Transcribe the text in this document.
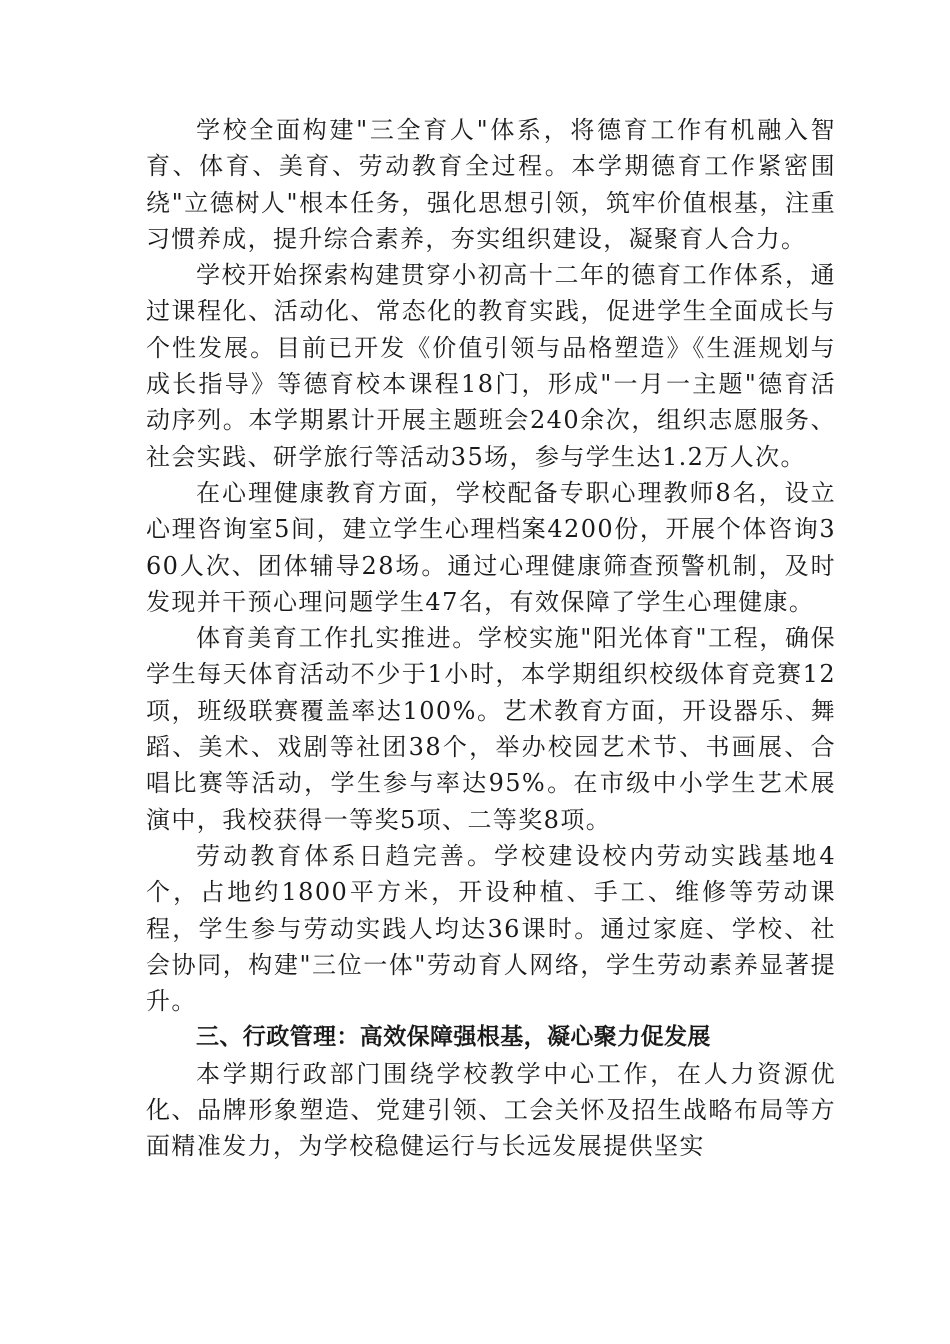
学校全面构建"三全育人"体系，将德育工作有机融入智育、体育、美育、劳动教育全过程。本学期德育工作紧密围绕"立德树人"根本任务，强化思想引领，筑牢价值根基，注重习惯养成，提升综合素养，夯实组织建设，凝聚育人合力。

学校开始探索构建贯穿小初高十二年的德育工作体系，通过课程化、活动化、常态化的教育实践，促进学生全面成长与个性发展。目前已开发《价值引领与品格塑造》《生涯规划与成长指导》等德育校本课程18门，形成"一月一主题"德育活动序列。本学期累计开展主题班会240余次，组织志愿服务、社会实践、研学旅行等活动35场，参与学生达1.2万人次。

在心理健康教育方面，学校配备专职心理教师8名，设立心理咨询室5间，建立学生心理档案4200份，开展个体咨询360人次、团体辅导28场。通过心理健康筛查预警机制，及时发现并干预心理问题学生47名，有效保障了学生心理健康。

体育美育工作扎实推进。学校实施"阳光体育"工程，确保学生每天体育活动不少于1小时，本学期组织校级体育竞赛12项，班级联赛覆盖率达100%。艺术教育方面，开设器乐、舞蹈、美术、戏剧等社团38个，举办校园艺术节、书画展、合唱比赛等活动，学生参与率达95%。在市级中小学生艺术展演中，我校获得一等奖5项、二等奖8项。

劳动教育体系日趋完善。学校建设校内劳动实践基地4个，占地约1800平方米，开设种植、手工、维修等劳动课程，学生参与劳动实践人均达36课时。通过家庭、学校、社会协同，构建"三位一体"劳动育人网络，学生劳动素养显著提升。

三、行政管理：高效保障强根基，凝心聚力促发展

本学期行政部门围绕学校教学中心工作，在人力资源优化、品牌形象塑造、党建引领、工会关怀及招生战略布局等方面精准发力，为学校稳健运行与长远发展提供坚实
